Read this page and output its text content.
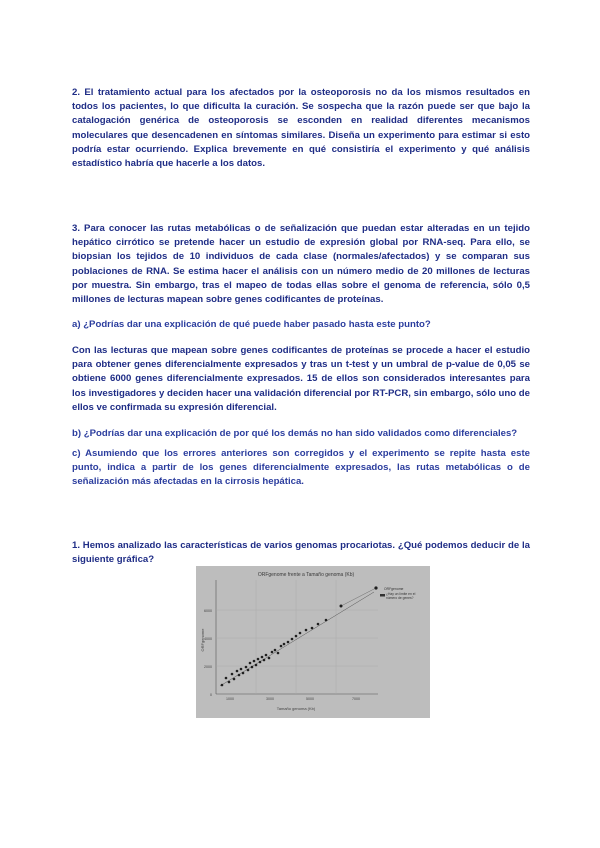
2. El tratamiento actual para los afectados por la osteoporosis no da los mismos resultados en todos los pacientes, lo que dificulta la curación. Se sospecha que la razón puede ser que bajo la catalogación genérica de osteoporosis se esconden en realidad diferentes mecanismos moleculares que desencadenen en síntomas similares. Diseña un experimento para estimar si esto podría estar ocurriendo. Explica brevemente en qué consistiría el experimento y qué análisis estadístico habría que hacerle a los datos.

3. Para conocer las rutas metabólicas o de señalización que puedan estar alteradas en un tejido hepático cirrótico se pretende hacer un estudio de expresión global por RNA-seq. Para ello, se biopsian los tejidos de 10 individuos de cada clase (normales/afectados) y se comparan sus poblaciones de RNA. Se estima hacer el análisis con un número medio de 20 millones de lecturas por muestra. Sin embargo, tras el mapeo de todas ellas sobre el genoma de referencia, sólo 0,5 millones de lecturas mapean sobre genes codificantes de proteínas.

a) ¿Podrías dar una explicación de qué puede haber pasado hasta este punto?

Con las lecturas que mapean sobre genes codificantes de proteínas se procede a hacer el estudio para obtener genes diferencialmente expresados y tras un t-test y un umbral de p-value de 0,05 se obtiene 6000 genes diferencialmente expresados. 15 de ellos son considerados interesantes para los investigadores y deciden hacer una validación diferencial por RT-PCR, sin embargo, sólo uno de ellos ve confirmada su expresión diferencial.

b) ¿Podrías dar una explicación de por qué los demás no han sido validados como diferenciales?

c) Asumiendo que los errores anteriores son corregidos y el experimento se repite hasta este punto, indica a partir de los genes diferencialmente expresados, las rutas metabólicas o de señalización más afectadas en la cirrosis hepática.

1. Hemos analizado las características de varios genomas procariotas. ¿Qué podemos deducir de la siguiente gráfica?

ORFgenome frente a Tamaño genoma (Kb)
6000
4000
2000
0
1000	3000	5000	7000
Tamaño genoma (Kb)
ORFgenome
ORFgenome
¿Hay un límite en el número de genes?
